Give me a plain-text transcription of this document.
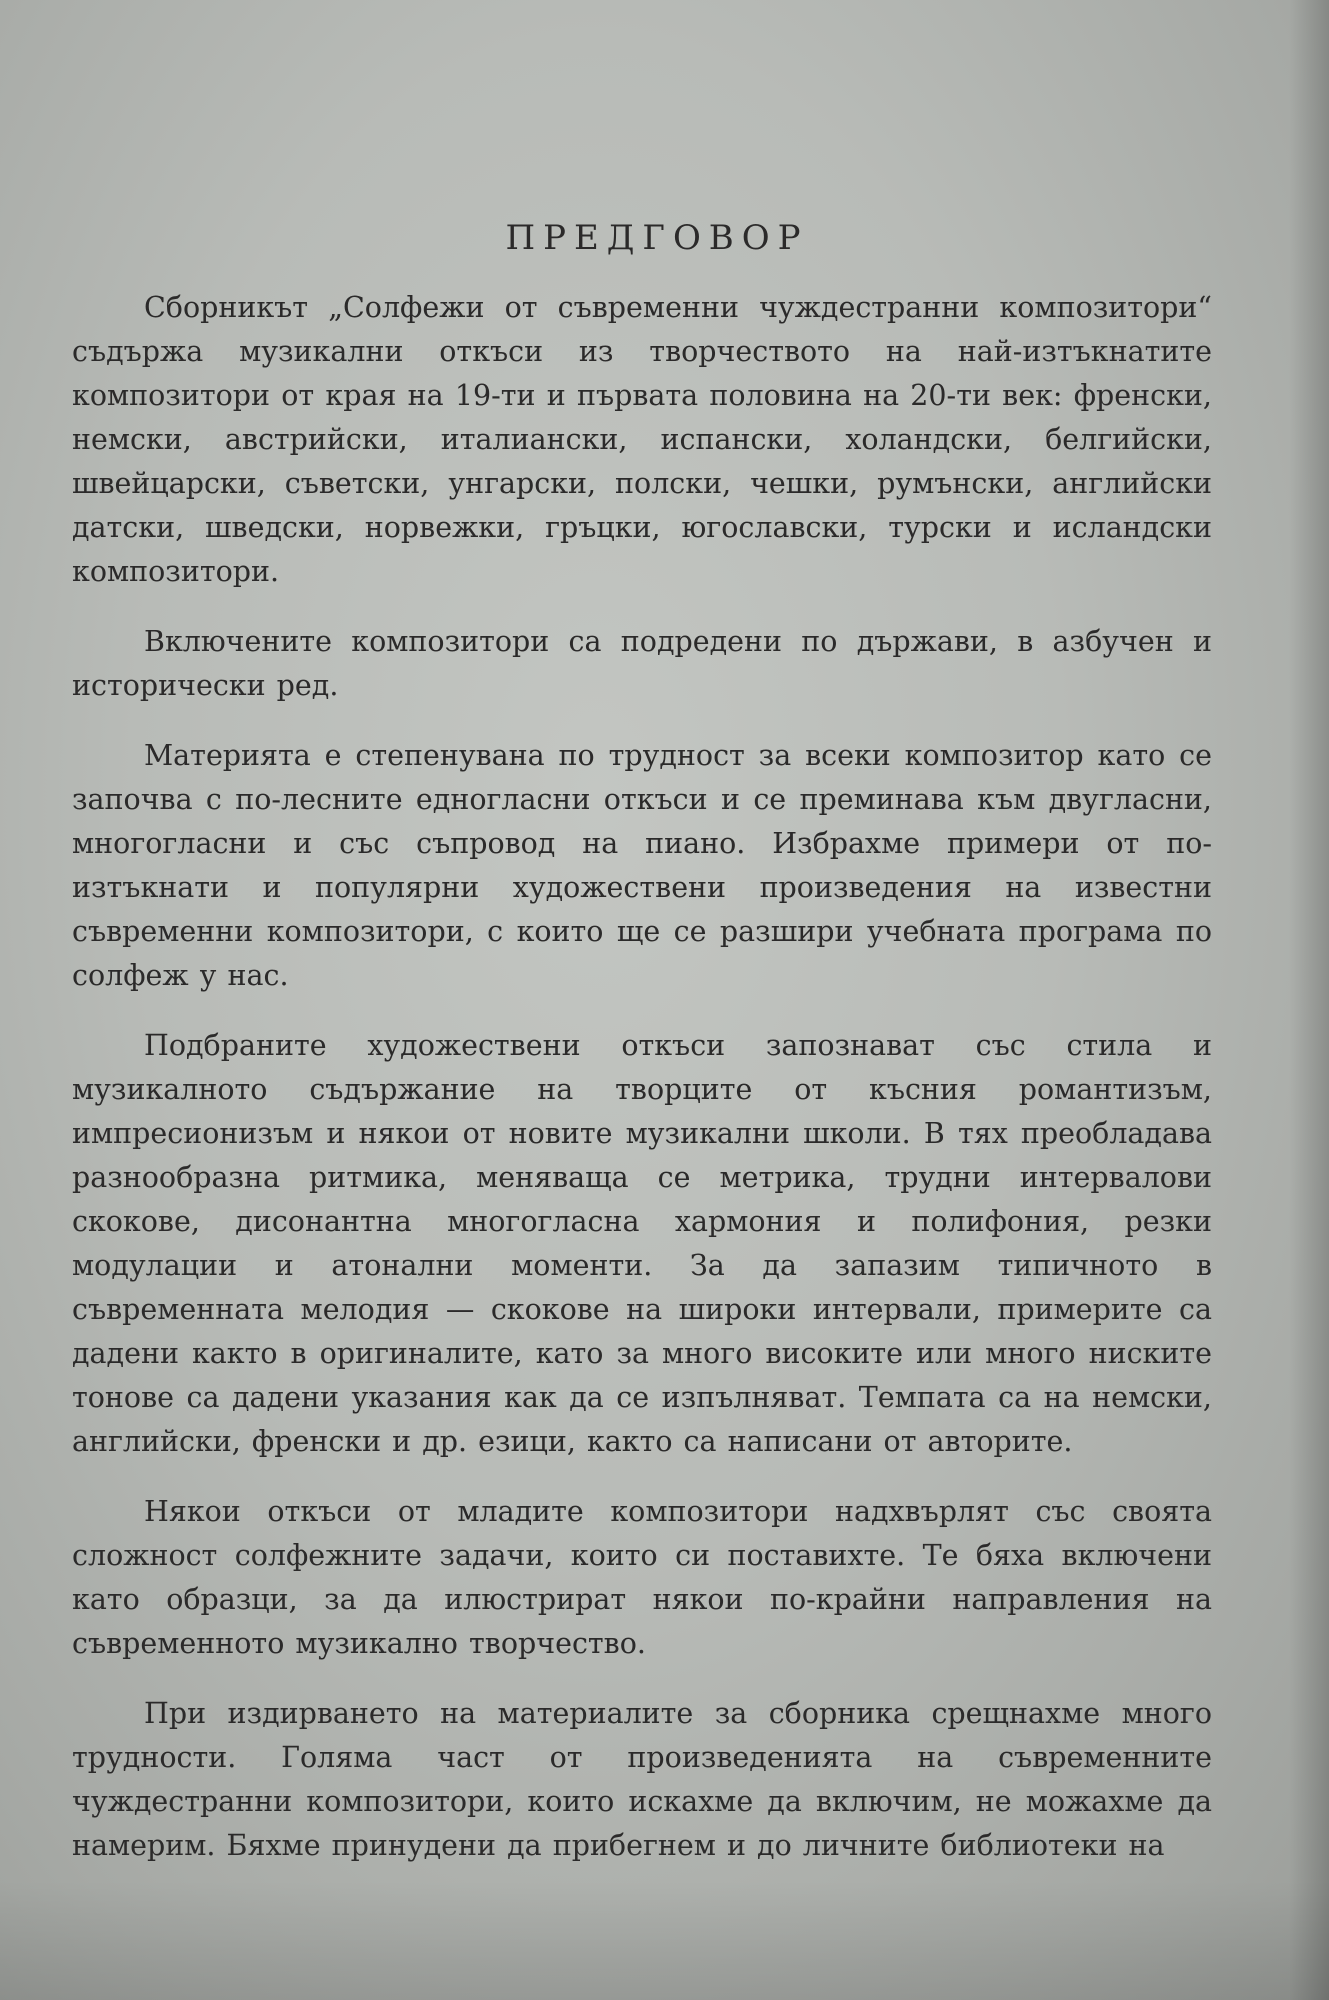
ПРЕДГОВОР

Сборникът „Солфежи от съвременни чуждестранни композитори“ съдържа музикални откъси из творчеството на най-изтъкнатите композитори от края на 19-ти и първата половина на 20-ти век: френски, немски, австрийски, италиански, испански, холандски, белгийски, швейцарски, съветски, унгарски, полски, чешки, румънски, английски датски, шведски, норвежки, гръцки, югославски, турски и исландски композитори.

Включените композитори са подредени по държави, в азбучен и исторически ред.

Материята е степенувана по трудност за всеки композитор като се започва с по-лесните едногласни откъси и се преминава към двугласни, многогласни и със съпровод на пиано. Избрахме примери от по-изтъкнати и популярни художествени произведения на известни съвременни композитори, с които ще се разшири учебната програма по солфеж у нас.

Подбраните художествени откъси запознават със стила и музикалното съдържание на творците от късния романтизъм, импресионизъм и някои от новите музикални школи. В тях преобладава разнообразна ритмика, меняваща се метрика, трудни интервалови скокове, дисонантна многогласна хармония и полифония, резки модулации и атонални моменти. За да запазим типичното в съвременната мелодия — скокове на широки интервали, примерите са дадени както в оригиналите, като за много високите или много ниските тонове са дадени указания как да се изпълняват. Темпата са на немски, английски, френски и др. езици, както са написани от авторите.

Някои откъси от младите композитори надхвърлят със своята сложност солфежните задачи, които си поставихте. Те бяха включени като образци, за да илюстрират някои по-крайни направления на съвременното музикално творчество.

При издирването на материалите за сборника срещнахме много трудности. Голяма част от произведенията на съвременните чуждестранни композитори, които искахме да включим, не можахме да намерим. Бяхме принудени да прибегнем и до личните библиотеки на
